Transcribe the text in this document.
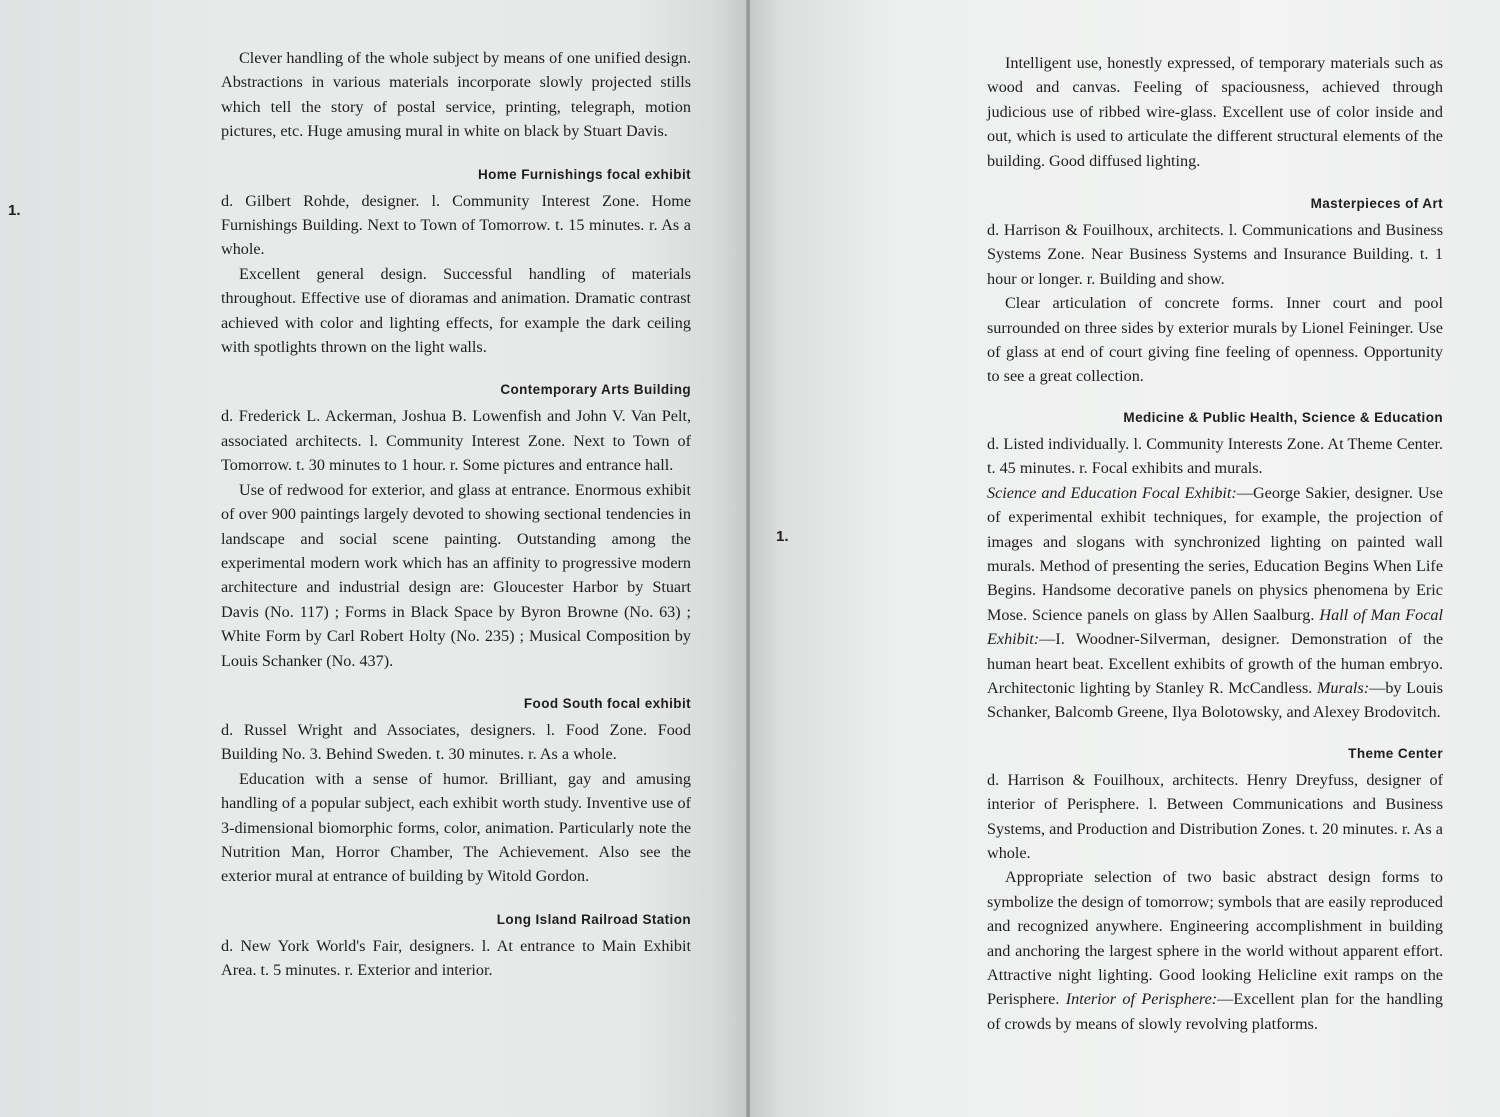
1.

Clever handling of the whole subject by means of one unified design. Abstractions in various materials incorporate slowly projected stills which tell the story of postal service, printing, telegraph, motion pictures, etc. Huge amusing mural in white on black by Stuart Davis.

Home Furnishings focal exhibit

d. Gilbert Rohde, designer. l. Community Interest Zone. Home Furnishings Building. Next to Town of Tomorrow. t. 15 minutes. r. As a whole.

Excellent general design. Successful handling of materials throughout. Effective use of dioramas and animation. Dramatic contrast achieved with color and lighting effects, for example the dark ceiling with spotlights thrown on the light walls.

Contemporary Arts Building

d. Frederick L. Ackerman, Joshua B. Lowenfish and John V. Van Pelt, associated architects. l. Community Interest Zone. Next to Town of Tomorrow. t. 30 minutes to 1 hour. r. Some pictures and entrance hall.

Use of redwood for exterior, and glass at entrance. Enormous exhibit of over 900 paintings largely devoted to showing sectional tendencies in landscape and social scene painting. Outstanding among the experimental modern work which has an affinity to progressive modern architecture and industrial design are: Gloucester Harbor by Stuart Davis (No. 117) ; Forms in Black Space by Byron Browne (No. 63) ; White Form by Carl Robert Holty (No. 235) ; Musical Composition by Louis Schanker (No. 437).

Food South focal exhibit

d. Russel Wright and Associates, designers. l. Food Zone. Food Building No. 3. Behind Sweden. t. 30 minutes. r. As a whole.

Education with a sense of humor. Brilliant, gay and amusing handling of a popular subject, each exhibit worth study. Inventive use of 3-dimensional biomorphic forms, color, animation. Particularly note the Nutrition Man, Horror Chamber, The Achievement. Also see the exterior mural at entrance of building by Witold Gordon.

Long Island Railroad Station

d. New York World's Fair, designers. l. At entrance to Main Exhibit Area. t. 5 minutes. r. Exterior and interior.

1.

Intelligent use, honestly expressed, of temporary materials such as wood and canvas. Feeling of spaciousness, achieved through judicious use of ribbed wire-glass. Excellent use of color inside and out, which is used to articulate the different structural elements of the building. Good diffused lighting.

Masterpieces of Art

d. Harrison & Fouilhoux, architects. l. Communications and Business Systems Zone. Near Business Systems and Insurance Building. t. 1 hour or longer. r. Building and show.

Clear articulation of concrete forms. Inner court and pool surrounded on three sides by exterior murals by Lionel Feininger. Use of glass at end of court giving fine feeling of openness. Opportunity to see a great collection.

Medicine & Public Health, Science & Education

d. Listed individually. l. Community Interests Zone. At Theme Center. t. 45 minutes. r. Focal exhibits and murals.

Science and Education Focal Exhibit:—George Sakier, designer. Use of experimental exhibit techniques, for example, the projection of images and slogans with synchronized lighting on painted wall murals. Method of presenting the series, Education Begins When Life Begins. Handsome decorative panels on physics phenomena by Eric Mose. Science panels on glass by Allen Saalburg. Hall of Man Focal Exhibit:—I. Woodner-Silverman, designer. Demonstration of the human heart beat. Excellent exhibits of growth of the human embryo. Architectonic lighting by Stanley R. McCandless. Murals:—by Louis Schanker, Balcomb Greene, Ilya Bolotowsky, and Alexey Brodovitch.

Theme Center

d. Harrison & Fouilhoux, architects. Henry Dreyfuss, designer of interior of Perisphere. l. Between Communications and Business Systems, and Production and Distribution Zones. t. 20 minutes. r. As a whole.

Appropriate selection of two basic abstract design forms to symbolize the design of tomorrow; symbols that are easily reproduced and recognized anywhere. Engineering accomplishment in building and anchoring the largest sphere in the world without apparent effort. Attractive night lighting. Good looking Helicline exit ramps on the Perisphere. Interior of Perisphere:—Excellent plan for the handling of crowds by means of slowly revolving platforms.
